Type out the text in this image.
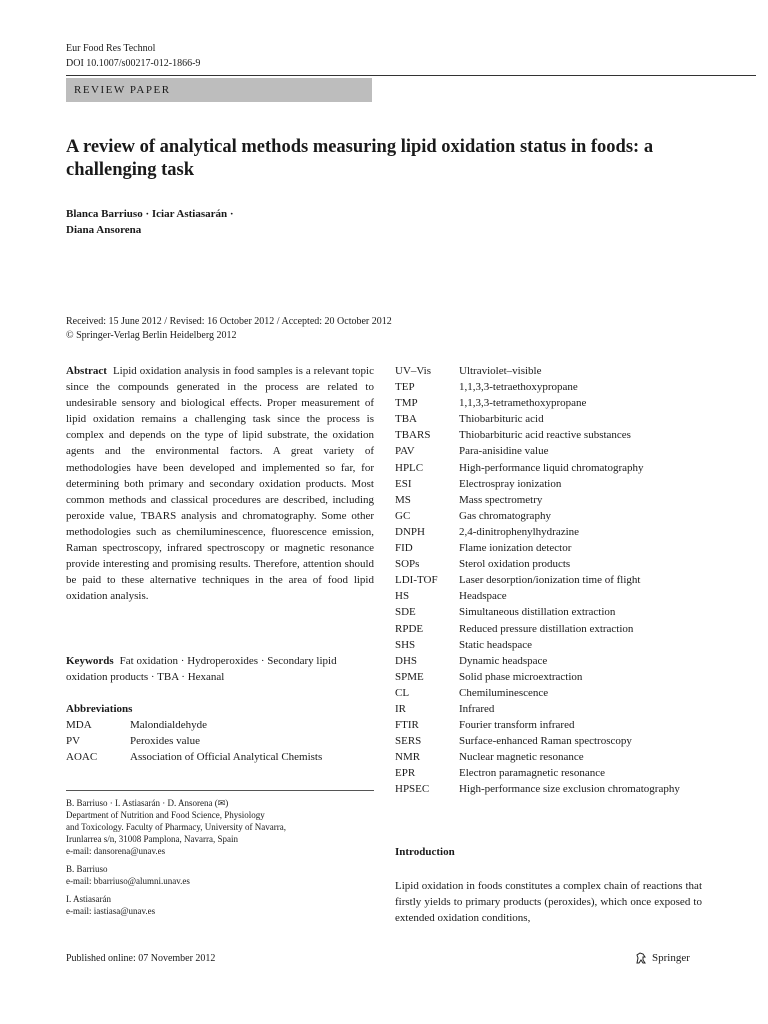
Eur Food Res Technol
DOI 10.1007/s00217-012-1866-9
REVIEW PAPER
A review of analytical methods measuring lipid oxidation status in foods: a challenging task
Blanca Barriuso · Iciar Astiasarán ·
Diana Ansorena
Received: 15 June 2012 / Revised: 16 October 2012 / Accepted: 20 October 2012
© Springer-Verlag Berlin Heidelberg 2012
Abstract Lipid oxidation analysis in food samples is a relevant topic since the compounds generated in the process are related to undesirable sensory and biological effects. Proper measurement of lipid oxidation remains a challenging task since the process is complex and depends on the type of lipid substrate, the oxidation agents and the environmental factors. A great variety of methodologies have been developed and implemented so far, for determining both primary and secondary oxidation products. Most common methods and classical procedures are described, including peroxide value, TBARS analysis and chromatography. Some other methodologies such as chemiluminescence, fluorescence emission, Raman spectroscopy, infrared spectroscopy or magnetic resonance provide interesting and promising results. Therefore, attention should be paid to these alternative techniques in the area of food lipid oxidation analysis.
Keywords Fat oxidation · Hydroperoxides · Secondary lipid oxidation products · TBA · Hexanal
Abbreviations
MDA	Malondialdehyde
PV	Peroxides value
AOAC	Association of Official Analytical Chemists
B. Barriuso · I. Astiasarán · D. Ansorena (✉)
Department of Nutrition and Food Science, Physiology
and Toxicology. Faculty of Pharmacy, University of Navarra,
Irunlarrea s/n, 31008 Pamplona, Navarra, Spain
e-mail: dansorena@unav.es
B. Barriuso
e-mail: bbarriuso@alumni.unav.es
I. Astiasarán
e-mail: iastiasa@unav.es
UV–Vis	Ultraviolet–visible
TEP	1,1,3,3-tetraethoxypropane
TMP	1,1,3,3-tetramethoxypropane
TBA	Thiobarbituric acid
TBARS	Thiobarbituric acid reactive substances
PAV	Para-anisidine value
HPLC	High-performance liquid chromatography
ESI	Electrospray ionization
MS	Mass spectrometry
GC	Gas chromatography
DNPH	2,4-dinitrophenylhydrazine
FID	Flame ionization detector
SOPs	Sterol oxidation products
LDI-TOF	Laser desorption/ionization time of flight
HS	Headspace
SDE	Simultaneous distillation extraction
RPDE	Reduced pressure distillation extraction
SHS	Static headspace
DHS	Dynamic headspace
SPME	Solid phase microextraction
CL	Chemiluminescence
IR	Infrared
FTIR	Fourier transform infrared
SERS	Surface-enhanced Raman spectroscopy
NMR	Nuclear magnetic resonance
EPR	Electron paramagnetic resonance
HPSEC	High-performance size exclusion chromatography
Introduction
Lipid oxidation in foods constitutes a complex chain of reactions that firstly yields to primary products (peroxides), which once exposed to extended oxidation conditions,
Published online: 07 November 2012	Springer
